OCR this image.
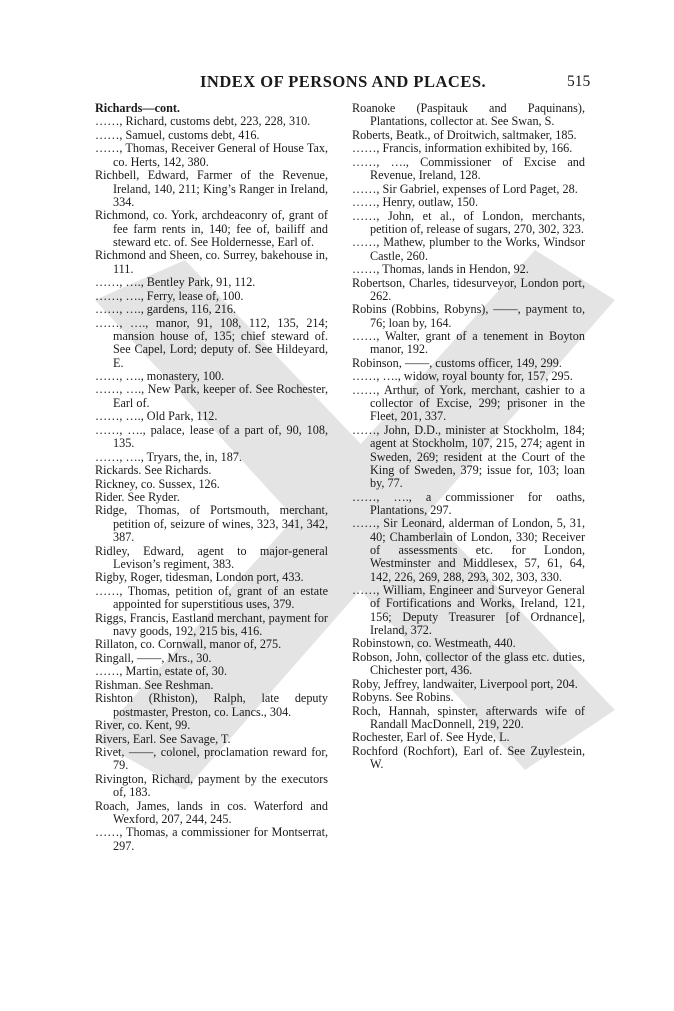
INDEX OF PERSONS AND PLACES.	515
Richards—cont.
……, Richard, customs debt, 223, 228, 310.
……, Samuel, customs debt, 416.
……, Thomas, Receiver General of House Tax, co. Herts, 142, 380.
Richbell, Edward, Farmer of the Revenue, Ireland, 140, 211; King’s Ranger in Ireland, 334.
Richmond, co. York, archdeaconry of, grant of fee farm rents in, 140; fee of, bailiff and steward etc. of. See Holdernesse, Earl of.
Richmond and Sheen, co. Surrey, bakehouse in, 111.
……, …., Bentley Park, 91, 112.
……, …., Ferry, lease of, 100.
……, …., gardens, 116, 216.
……, …., manor, 91, 108, 112, 135, 214; mansion house of, 135; chief steward of. See Capel, Lord; deputy of. See Hildeyard, E.
……, …., monastery, 100.
……, …., New Park, keeper of. See Rochester, Earl of.
……, …., Old Park, 112.
……, …., palace, lease of a part of, 90, 108, 135.
……, …., Tryars, the, in, 187.
Rickards. See Richards.
Rickney, co. Sussex, 126.
Rider. See Ryder.
Ridge, Thomas, of Portsmouth, merchant, petition of, seizure of wines, 323, 341, 342, 387.
Ridley, Edward, agent to major-general Levison’s regiment, 383.
Rigby, Roger, tidesman, London port, 433.
……, Thomas, petition of, grant of an estate appointed for superstitious uses, 379.
Riggs, Francis, Eastland merchant, payment for navy goods, 192, 215 bis, 416.
Rillaton, co. Cornwall, manor of, 275.
Ringall, ——, Mrs., 30.
……, Martin, estate of, 30.
Rishman. See Reshman.
Rishton (Rhiston), Ralph, late deputy postmaster, Preston, co. Lancs., 304.
River, co. Kent, 99.
Rivers, Earl. See Savage, T.
Rivet, ——, colonel, proclamation reward for, 79.
Rivington, Richard, payment by the executors of, 183.
Roach, James, lands in cos. Waterford and Wexford, 207, 244, 245.
……, Thomas, a commissioner for Montserrat, 297.
Roanoke (Paspitauk and Paquinans), Plantations, collector at. See Swan, S.
Roberts, Beatk., of Droitwich, saltmaker, 185.
……, Francis, information exhibited by, 166.
……, …., Commissioner of Excise and Revenue, Ireland, 128.
……, Sir Gabriel, expenses of Lord Paget, 28.
……, Henry, outlaw, 150.
……, John, et al., of London, merchants, petition of, release of sugars, 270, 302, 323.
……, Mathew, plumber to the Works, Windsor Castle, 260.
……, Thomas, lands in Hendon, 92.
Robertson, Charles, tidesurveyor, London port, 262.
Robins (Robbins, Robyns), ——, payment to, 76; loan by, 164.
……, Walter, grant of a tenement in Boyton manor, 192.
Robinson, ——, customs officer, 149, 299.
……, …., widow, royal bounty for, 157, 295.
……, Arthur, of York, merchant, cashier to a collector of Excise, 299; prisoner in the Fleet, 201, 337.
……, John, D.D., minister at Stockholm, 184; agent at Stockholm, 107, 215, 274; agent in Sweden, 269; resident at the Court of the King of Sweden, 379; issue for, 103; loan by, 77.
……, …., a commissioner for oaths, Plantations, 297.
……, Sir Leonard, alderman of London, 5, 31, 40; Chamberlain of London, 330; Receiver of assessments etc. for London, Westminster and Middlesex, 57, 61, 64, 142, 226, 269, 288, 293, 302, 303, 330.
……, William, Engineer and Surveyor General of Fortifications and Works, Ireland, 121, 156; Deputy Treasurer [of Ordnance], Ireland, 372.
Robinstown, co. Westmeath, 440.
Robson, John, collector of the glass etc. duties, Chichester port, 436.
Roby, Jeffrey, landwaiter, Liverpool port, 204.
Robyns. See Robins.
Roch, Hannah, spinster, afterwards wife of Randall MacDonnell, 219, 220.
Rochester, Earl of. See Hyde, L.
Rochford (Rochfort), Earl of. See Zuylestein, W.
